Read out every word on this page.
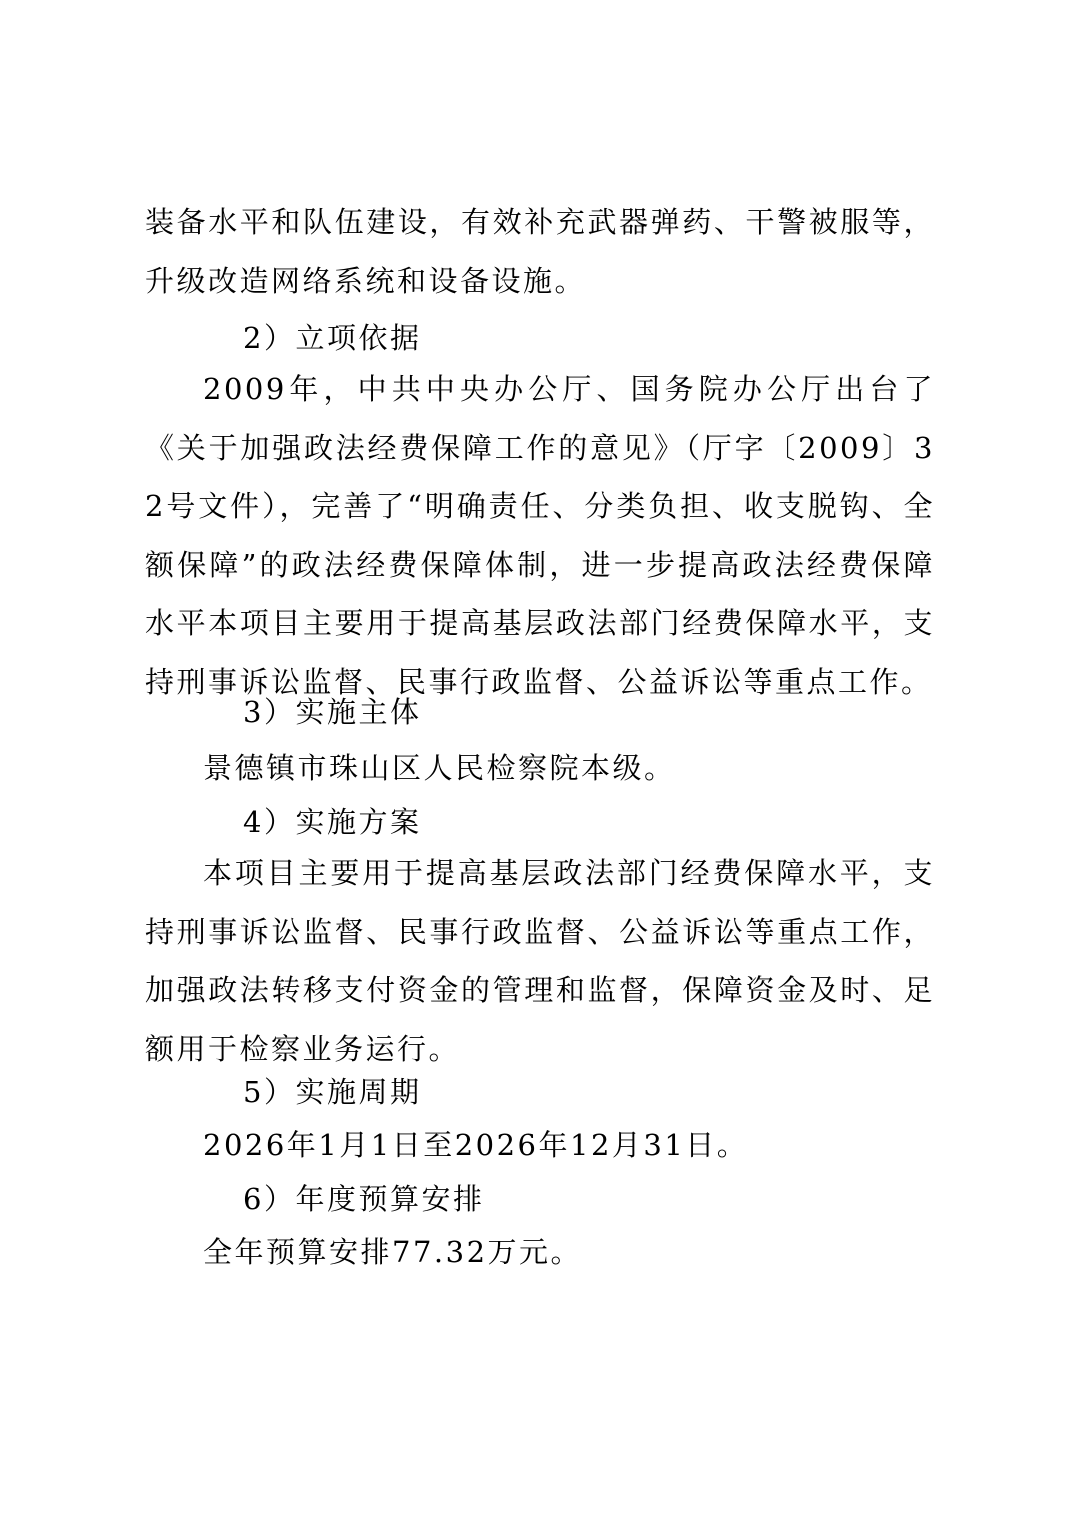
装备水平和队伍建设，有效补充武器弹药、干警被服等，升级改造网络系统和设备设施。
2）立项依据
2009年，中共中央办公厅、国务院办公厅出台了《关于加强政法经费保障工作的意见》（厅字〔2009〕32号文件），完善了“明确责任、分类负担、收支脱钩、全额保障”的政法经费保障体制，进一步提高政法经费保障水平本项目主要用于提高基层政法部门经费保障水平，支持刑事诉讼监督、民事行政监督、公益诉讼等重点工作。
3）实施主体
景德镇市珠山区人民检察院本级。
4）实施方案
本项目主要用于提高基层政法部门经费保障水平，支持刑事诉讼监督、民事行政监督、公益诉讼等重点工作，加强政法转移支付资金的管理和监督，保障资金及时、足额用于检察业务运行。
5）实施周期
2026年1月1日至2026年12月31日。
6）年度预算安排
全年预算安排77.32万元。
